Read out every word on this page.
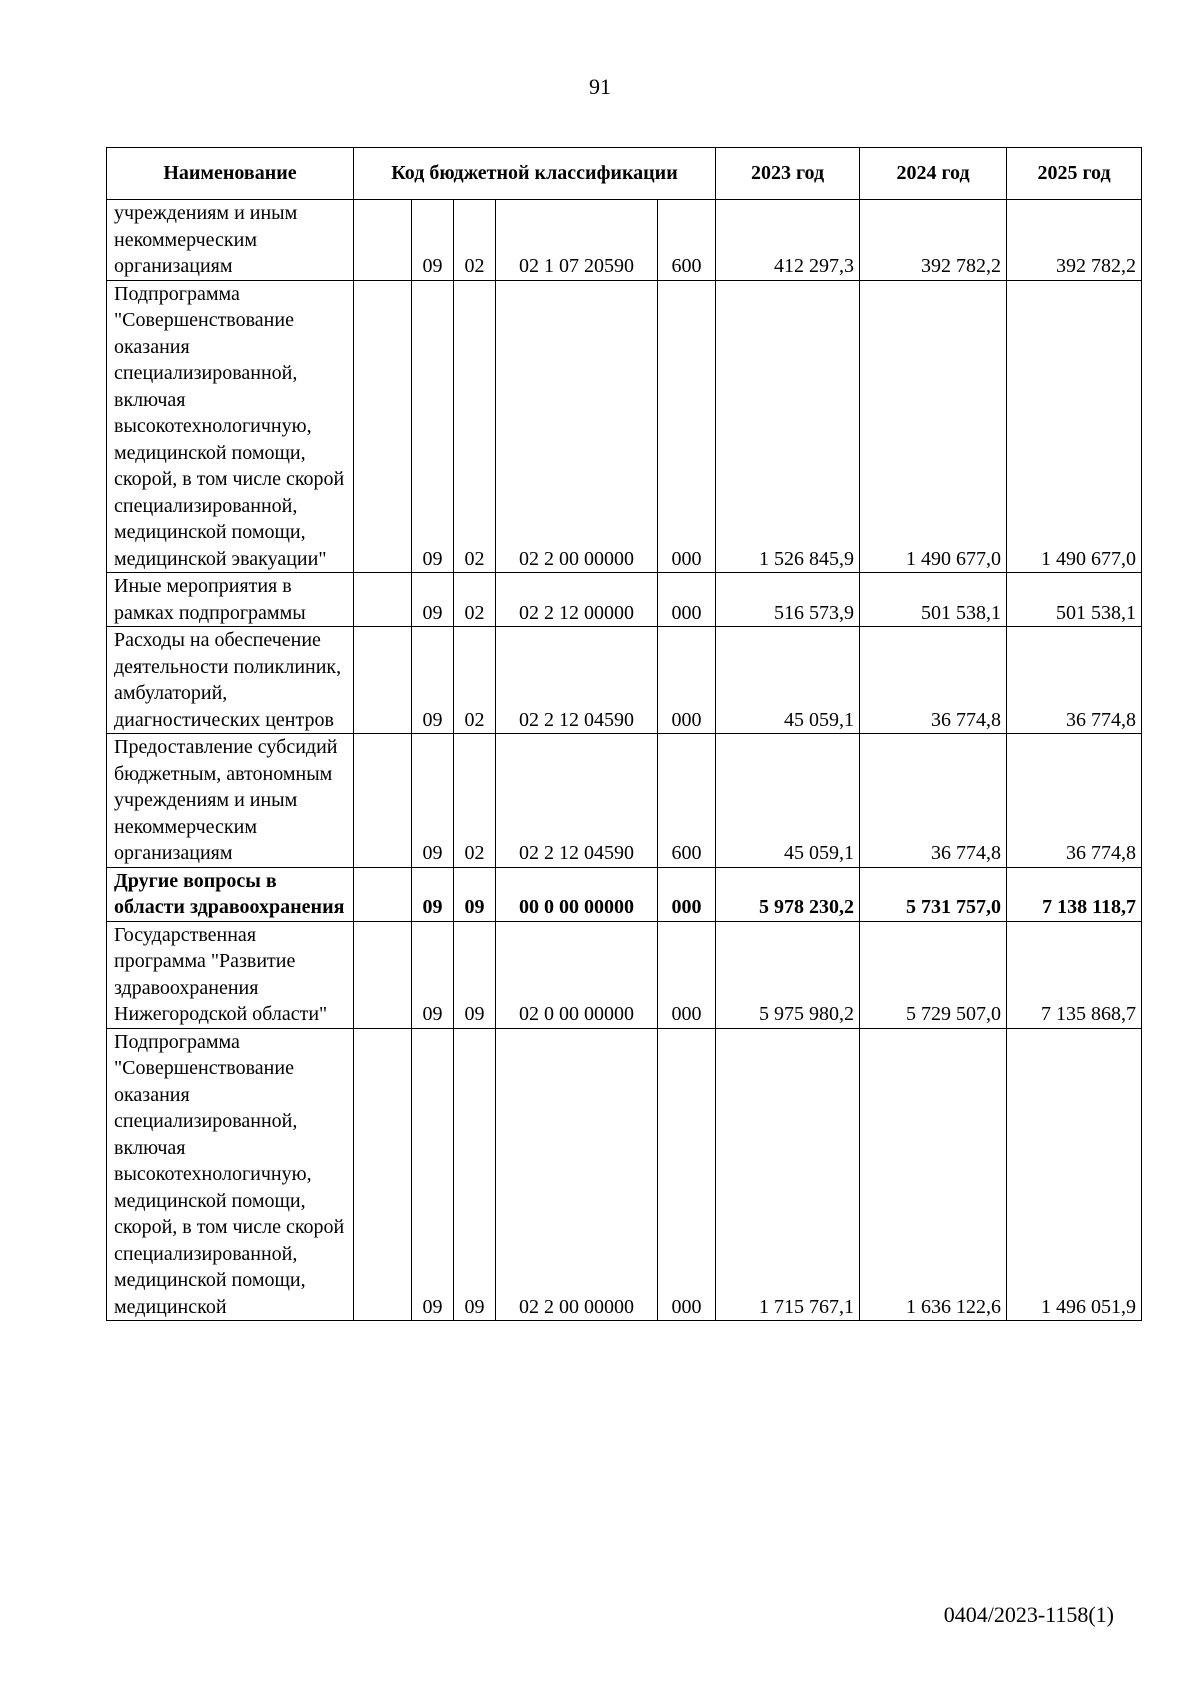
91
Наименование	Код бюджетной классификации					2023 год	2024 год	2025 год
учреждениям и иным некоммерческим организациям		09	02	02 1 07 20590	600	412 297,3	392 782,2	392 782,2
Подпрограмма "Совершенствование оказания специализированной, включая высокотехнологичную, медицинской помощи, скорой, в том числе скорой специализированной, медицинской помощи, медицинской эвакуации"		09	02	02 2 00 00000	000	1 526 845,9	1 490 677,0	1 490 677,0
Иные мероприятия в рамках подпрограммы		09	02	02 2 12 00000	000	516 573,9	501 538,1	501 538,1
Расходы на обеспечение деятельности поликлиник, амбулаторий, диагностических центров		09	02	02 2 12 04590	000	45 059,1	36 774,8	36 774,8
Предоставление субсидий бюджетным, автономным учреждениям и иным некоммерческим организациям		09	02	02 2 12 04590	600	45 059,1	36 774,8	36 774,8
Другие вопросы в области здравоохранения		09	09	00 0 00 00000	000	5 978 230,2	5 731 757,0	7 138 118,7
Государственная программа "Развитие здравоохранения Нижегородской области"		09	09	02 0 00 00000	000	5 975 980,2	5 729 507,0	7 135 868,7
Подпрограмма "Совершенствование оказания специализированной, включая высокотехнологичную, медицинской помощи, скорой, в том числе скорой специализированной, медицинской помощи, медицинской		09	09	02 2 00 00000	000	1 715 767,1	1 636 122,6	1 496 051,9
0404/2023-1158(1)
